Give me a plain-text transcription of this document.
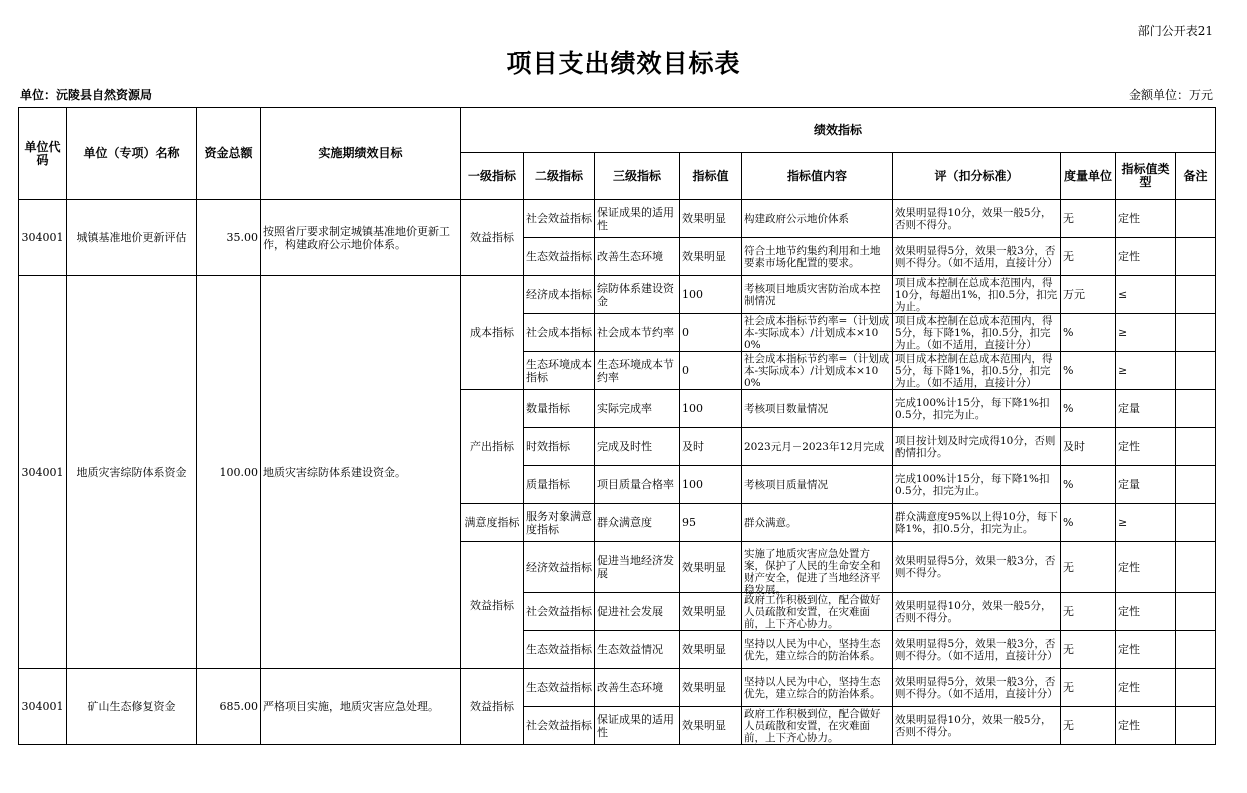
部门公开表21
项目支出绩效目标表
单位：沅陵县自然资源局	金额单位：万元
单位代码	单位（专项）名称	资金总额	实施期绩效目标	绩效指标								
				一级指标	二级指标	三级指标	指标值	指标值内容	评（扣分标准）	度量单位	指标值类型	备注
304001	城镇基准地价更新评估	35.00	按照省厅要求制定城镇基准地价更新工作，构建政府公示地价体系。	效益指标	社会效益指标	保证成果的适用性	效果明显	构建政府公示地价体系	效果明显得10分，效果一般5分，否则不得分。	无	定性	
					生态效益指标	改善生态环境	效果明显	符合土地节约集约利用和土地要素市场化配置的要求。	效果明显得5分，效果一般3分，否则不得分。（如不适用，直接计分）	无	定性	
304001	地质灾害综防体系资金	100.00	地质灾害综防体系建设资金。	成本指标	经济成本指标	综防体系建设资金	100	考核项目地质灾害防治成本控制情况	项目成本控制在总成本范围内，得10分，每超出1%，扣0.5分，扣完为止。	万元	≤	
					社会成本指标	社会成本节约率	0	社会成本指标节约率=（计划成本-实际成本）/计划成本×100%	项目成本控制在总成本范围内，得5分，每下降1%，扣0.5分，扣完为止。（如不适用，直接计分）	%	≥	
					生态环境成本指标	生态环境成本节约率	0	社会成本指标节约率=（计划成本-实际成本）/计划成本×100%	项目成本控制在总成本范围内，得5分，每下降1%，扣0.5分，扣完为止。（如不适用，直接计分）	%	≥	
				产出指标	数量指标	实际完成率	100	考核项目数量情况	完成100%计15分，每下降1%扣0.5分，扣完为止。	%	定量	
					时效指标	完成及时性	及时	2023元月－2023年12月完成	项目按计划及时完成得10分，否则酌情扣分。	及时	定性	
					质量指标	项目质量合格率	100	考核项目质量情况	完成100%计15分，每下降1%扣0.5分，扣完为止。	%	定量	
				满意度指标	服务对象满意度指标	群众满意度	95	群众满意。	群众满意度95%以上得10分，每下降1%，扣0.5分，扣完为止。	%	≥	
				效益指标	经济效益指标	促进当地经济发展	效果明显	实施了地质灾害应急处置方案，保护了人民的生命安全和财产安全，促进了当地经济平稳发展。	效果明显得5分，效果一般3分，否则不得分。	无	定性	
					社会效益指标	促进社会发展	效果明显	政府工作积极到位，配合做好人员疏散和安置，在灾难面前，上下齐心协力。	效果明显得10分，效果一般5分，否则不得分。	无	定性	
					生态效益指标	生态效益情况	效果明显	坚持以人民为中心，坚持生态优先，建立综合的防治体系。	效果明显得5分，效果一般3分，否则不得分。（如不适用，直接计分）	无	定性	
304001	矿山生态修复资金	685.00	严格项目实施，地质灾害应急处理。	效益指标	生态效益指标	改善生态环境	效果明显	坚持以人民为中心，坚持生态优先，建立综合的防治体系。	效果明显得5分，效果一般3分，否则不得分。（如不适用，直接计分）	无	定性	
					社会效益指标	保证成果的适用性	效果明显	政府工作积极到位，配合做好人员疏散和安置，在灾难面前，上下齐心协力。	效果明显得10分，效果一般5分，否则不得分。	无	定性	
